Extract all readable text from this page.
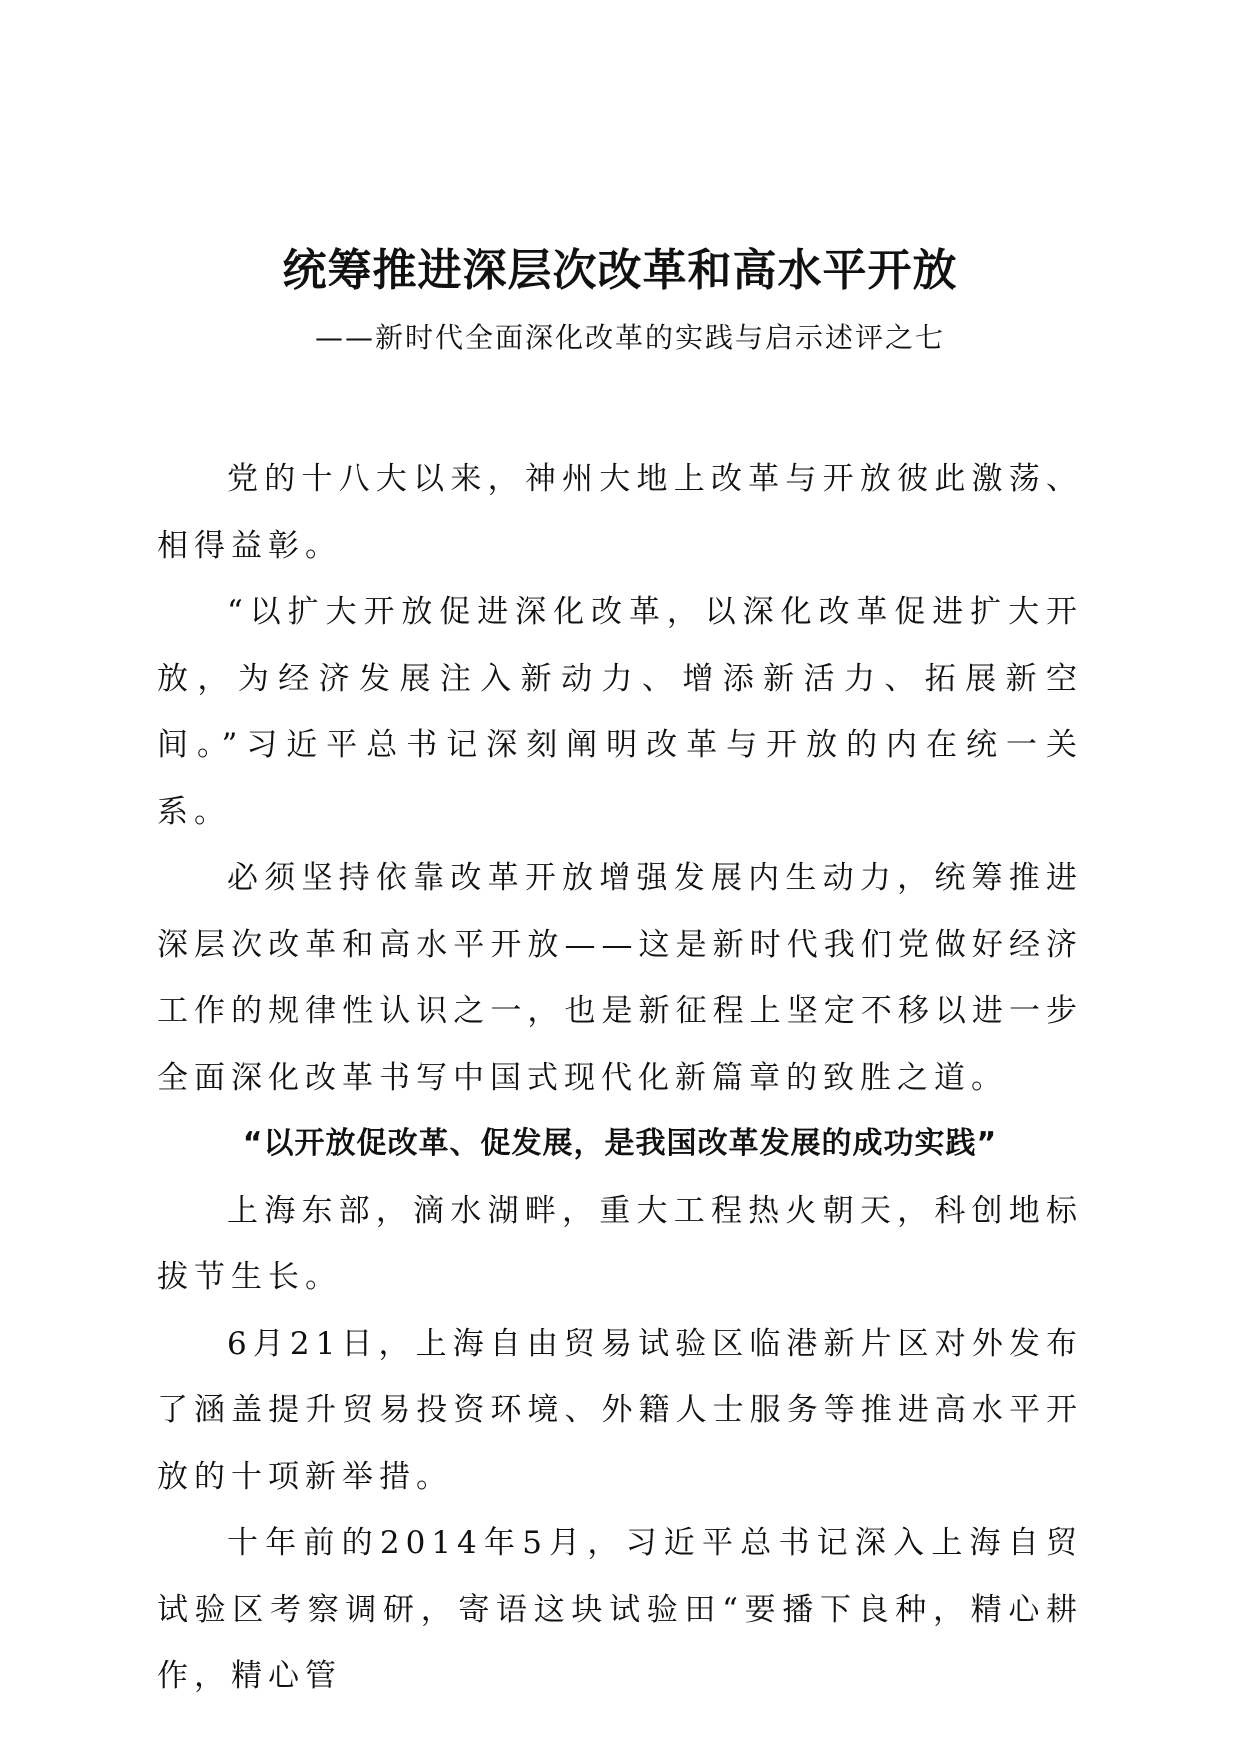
统筹推进深层次改革和高水平开放
——新时代全面深化改革的实践与启示述评之七

党的十八大以来，神州大地上改革与开放彼此激荡、相得益彰。

“以扩大开放促进深化改革，以深化改革促进扩大开放，为经济发展注入新动力、增添新活力、拓展新空间。”习近平总书记深刻阐明改革与开放的内在统一关系。

必须坚持依靠改革开放增强发展内生动力，统筹推进深层次改革和高水平开放——这是新时代我们党做好经济工作的规律性认识之一，也是新征程上坚定不移以进一步全面深化改革书写中国式现代化新篇章的致胜之道。

“以开放促改革、促发展，是我国改革发展的成功实践”

上海东部，滴水湖畔，重大工程热火朝天，科创地标拔节生长。

6月21日，上海自由贸易试验区临港新片区对外发布了涵盖提升贸易投资环境、外籍人士服务等推进高水平开放的十项新举措。

十年前的2014年5月，习近平总书记深入上海自贸试验区考察调研，寄语这块试验田“要播下良种，精心耕作，精心管
